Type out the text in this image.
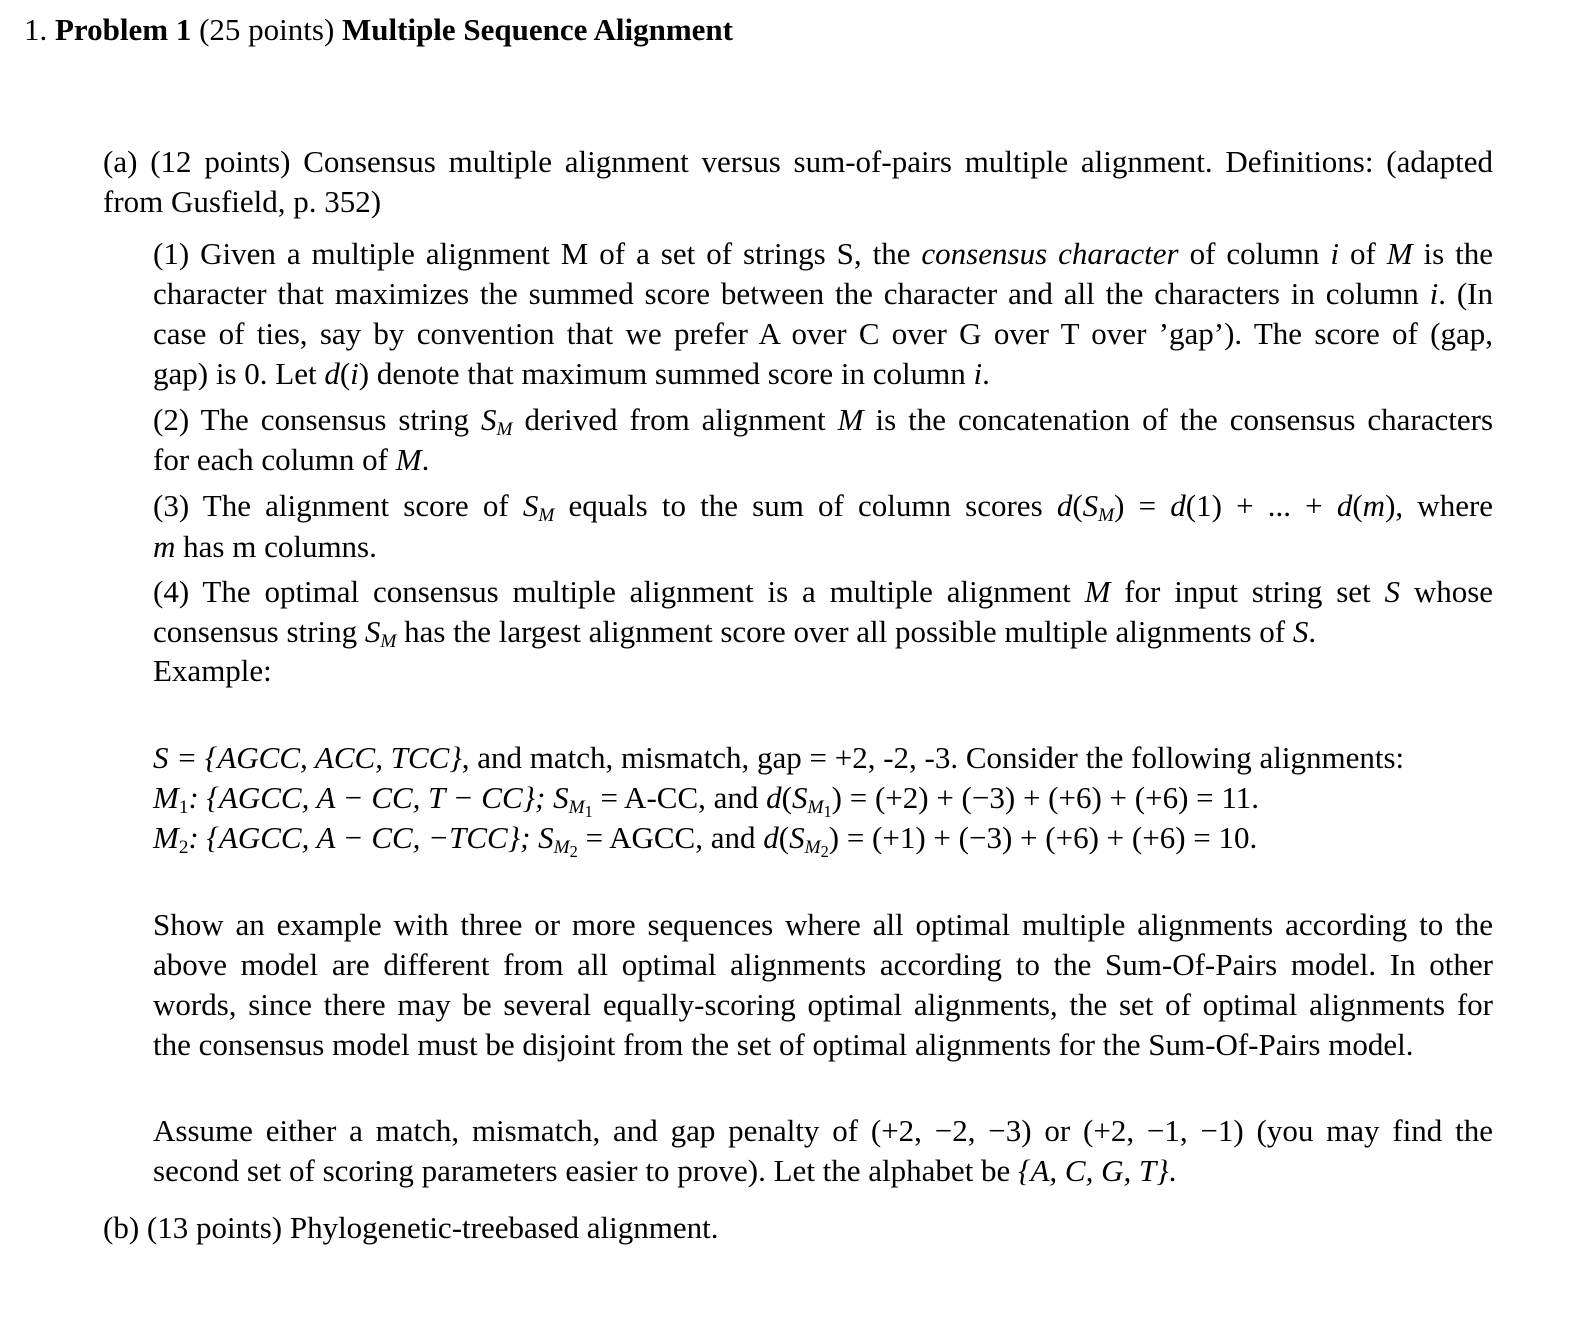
1. Problem 1 (25 points) Multiple Sequence Alignment
(a) (12 points) Consensus multiple alignment versus sum-of-pairs multiple alignment. Definitions: (adapted
from Gusfield, p. 352)
(1) Given a multiple alignment M of a set of strings S, the consensus character of column i of M is the
character that maximizes the summed score between the character and all the characters in column i. (In
case of ties, say by convention that we prefer A over C over G over T over ’gap’). The score of (gap,
gap) is 0. Let d(i) denote that maximum summed score in column i.
(2) The consensus string $S_M$ derived from alignment M is the concatenation of the consensus characters
for each column of M.
(3) The alignment score of $S_M$ equals to the sum of column scores $d(S_M) = d(1)$ + ... + d(m), where
m has m columns.
(4) The optimal consensus multiple alignment is a multiple alignment M for input string set S whose
consensus string $S_M$ has the largest alignment score over all possible multiple alignments of S.
Example:
S = {AGCC, ACC, TCC}, and match, mismatch, gap = +2, -2, -3. Consider the following alignments:
$M_1$: {AGCC, A − CC, T − CC}; $S_{M_1} = A-CC$, and $d(S_{M_1}) = (+2) + (-3) + (+6) + (+6) = 11$.
$M_2$: {AGCC, A − CC, −TCC}; $S_{M_2}$ = AGCC, and $d(S_{M_2}) = (+1) + (-3) + (+6) + (+6) = 10$.
Show an example with three or more sequences where all optimal multiple alignments according to the
above model are different from all optimal alignments according to the Sum-Of-Pairs model. In other
words, since there may be several equally-scoring optimal alignments, the set of optimal alignments for
the consensus model must be disjoint from the set of optimal alignments for the Sum-Of-Pairs model.
Assume either a match, mismatch, and gap penalty of (+2, −2, −3) or (+2, −1, −1) (you may find the
second set of scoring parameters easier to prove). Let the alphabet be {A, C, G, T}.
(b) (13 points) Phylogenetic-treebased alignment.
